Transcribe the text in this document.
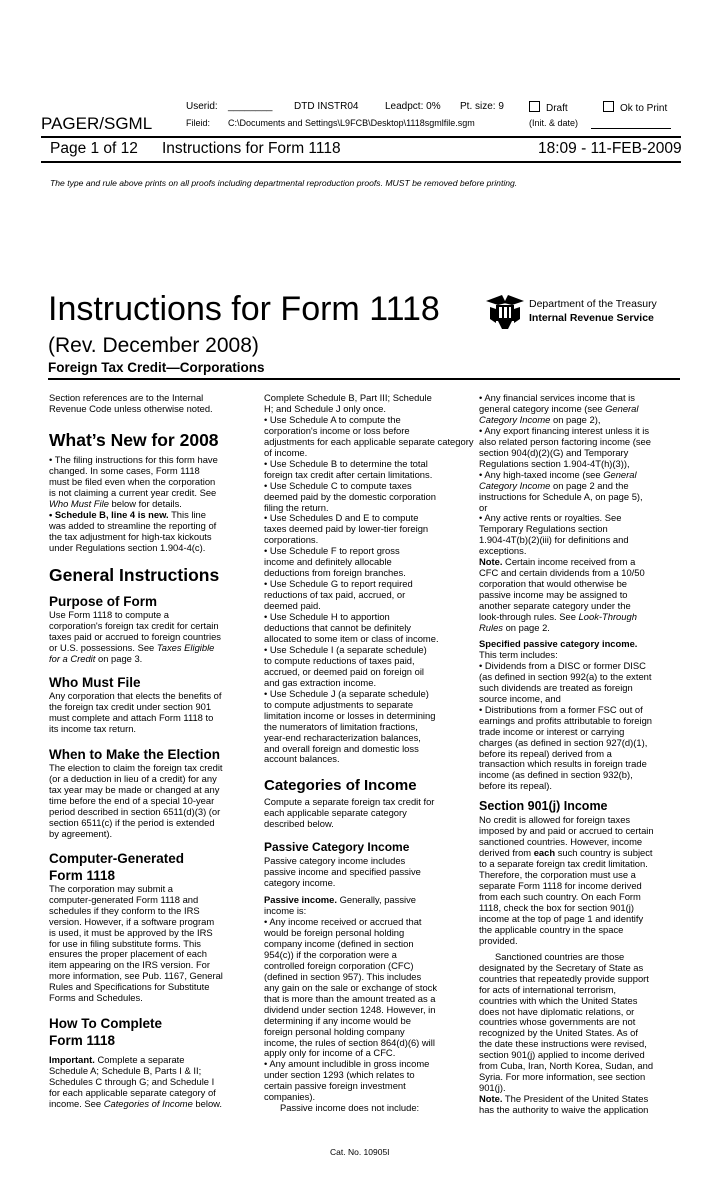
Userid: ________ DTD INSTR04	Leadpct: 0% Pt. size: 9	Draft	Ok to Print
PAGER/SGML	Fileid: C:\Documents and Settings\L9FCB\Desktop\1118sgmlfile.sgm	(Init. & date)
Page 1 of 12 Instructions for Form 1118	18:09 - 11-FEB-2009
The type and rule above prints on all proofs including departmental reproduction proofs. MUST be removed before printing.
Instructions for Form 1118
(Rev. December 2008)
Foreign Tax Credit—Corporations
Department of the Treasury
Internal Revenue Service

Section references are to the Internal

Revenue Code unless otherwise noted.

What’s New for 2008

• The filing instructions for this form have

changed. In some cases, Form 1118

must be filed even when the corporation

is not claiming a current year credit. See

Who Must File below for details.

• Schedule B, line 4 is new. This line

was added to streamline the reporting of

the tax adjustment for high-tax kickouts

under Regulations section 1.904-4(c).

General Instructions
Purpose of Form

Use Form 1118 to compute a

corporation's foreign tax credit for certain

taxes paid or accrued to foreign countries

or U.S. possessions. See Taxes Eligible

for a Credit on page 3.

Who Must File

Any corporation that elects the benefits of

the foreign tax credit under section 901

must complete and attach Form 1118 to

its income tax return.

When to Make the Election

The election to claim the foreign tax credit

(or a deduction in lieu of a credit) for any

tax year may be made or changed at any

time before the end of a special 10-year

period described in section 6511(d)(3) (or

section 6511(c) if the period is extended

by agreement).

Computer-Generated
Form 1118

The corporation may submit a

computer-generated Form 1118 and

schedules if they conform to the IRS

version. However, if a software program

is used, it must be approved by the IRS

for use in filing substitute forms. This

ensures the proper placement of each

item appearing on the IRS version. For

more information, see Pub. 1167, General

Rules and Specifications for Substitute

Forms and Schedules.

How To Complete
Form 1118

Important. Complete a separate

Schedule A; Schedule B, Parts I & II;

Schedules C through G; and Schedule I

for each applicable separate category of

income. See Categories of Income below.

Complete Schedule B, Part III; Schedule

H; and Schedule J only once.

• Use Schedule A to compute the

corporation's income or loss before

adjustments for each applicable separate category

of income.

• Use Schedule B to determine the total

foreign tax credit after certain limitations.

• Use Schedule C to compute taxes

deemed paid by the domestic corporation

filing the return.

• Use Schedules D and E to compute

taxes deemed paid by lower-tier foreign

corporations.

• Use Schedule F to report gross

income and definitely allocable

deductions from foreign branches.

• Use Schedule G to report required

reductions of tax paid, accrued, or

deemed paid.

• Use Schedule H to apportion

deductions that cannot be definitely

allocated to some item or class of income.

• Use Schedule I (a separate schedule)

to compute reductions of taxes paid,

accrued, or deemed paid on foreign oil

and gas extraction income.

• Use Schedule J (a separate schedule)

to compute adjustments to separate

limitation income or losses in determining

the numerators of limitation fractions,

year-end recharacterization balances,

and overall foreign and domestic loss

account balances.

Categories of Income

Compute a separate foreign tax credit for

each applicable separate category

described below.

Passive Category Income

Passive category income includes

passive income and specified passive

category income.

Passive income. Generally, passive

income is:

• Any income received or accrued that

would be foreign personal holding

company income (defined in section

954(c)) if the corporation were a

controlled foreign corporation (CFC)

(defined in section 957). This includes

any gain on the sale or exchange of stock

that is more than the amount treated as a

dividend under section 1248. However, in

determining if any income would be

foreign personal holding company

income, the rules of section 864(d)(6) will

apply only for income of a CFC.

• Any amount includible in gross income

under section 1293 (which relates to

certain passive foreign investment

companies).

Passive income does not include:

• Any financial services income that is

general category income (see General

Category Income on page 2),

• Any export financing interest unless it is

also related person factoring income (see

section 904(d)(2)(G) and Temporary

Regulations section 1.904-4T(h)(3)),

• Any high-taxed income (see General

Category Income on page 2 and the

instructions for Schedule A, on page 5),

or

• Any active rents or royalties. See

Temporary Regulations section

1.904-4T(b)(2)(iii) for definitions and

exceptions.

Note. Certain income received from a

CFC and certain dividends from a 10/50

corporation that would otherwise be

passive income may be assigned to

another separate category under the

look-through rules. See Look-Through

Rules on page 2.

Specified passive category income.

This term includes:

• Dividends from a DISC or former DISC

(as defined in section 992(a) to the extent

such dividends are treated as foreign

source income, and

• Distributions from a former FSC out of

earnings and profits attributable to foreign

trade income or interest or carrying

charges (as defined in section 927(d)(1),

before its repeal) derived from a

transaction which results in foreign trade

income (as defined in section 932(b),

before its repeal).

Section 901(j) Income

No credit is allowed for foreign taxes

imposed by and paid or accrued to certain

sanctioned countries. However, income

derived from each such country is subject

to a separate foreign tax credit limitation.

Therefore, the corporation must use a

separate Form 1118 for income derived

from each such country. On each Form

1118, check the box for section 901(j)

income at the top of page 1 and identify

the applicable country in the space

provided.

Sanctioned countries are those

designated by the Secretary of State as

countries that repeatedly provide support

for acts of international terrorism,

countries with which the United States

does not have diplomatic relations, or

countries whose governments are not

recognized by the United States. As of

the date these instructions were revised,

section 901(j) applied to income derived

from Cuba, Iran, North Korea, Sudan, and

Syria. For more information, see section

901(j).

Note. The President of the United States

has the authority to waive the application

Cat. No. 10905I
